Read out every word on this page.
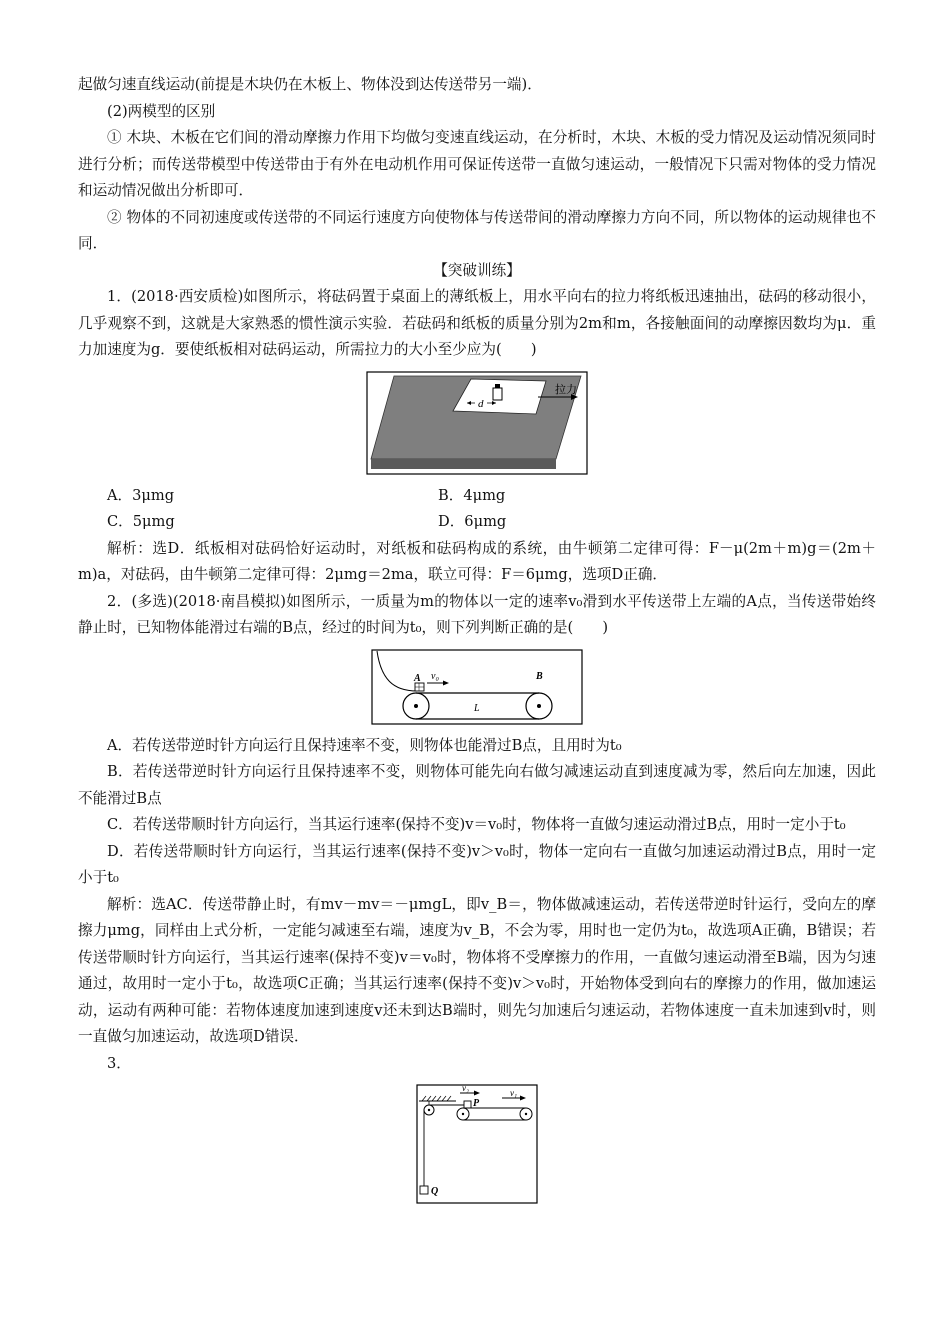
起做匀速直线运动(前提是木块仍在木板上、物体没到达传送带另一端)．

(2)两模型的区别

① 木块、木板在它们间的滑动摩擦力作用下均做匀变速直线运动，在分析时，木块、木板的受力情况及运动情况须同时进行分析；而传送带模型中传送带由于有外在电动机作用可保证传送带一直做匀速运动，一般情况下只需对物体的受力情况和运动情况做出分析即可．

② 物体的不同初速度或传送带的不同运行速度方向使物体与传送带间的滑动摩擦力方向不同，所以物体的运动规律也不同．

【突破训练】

1．(2018·西安质检)如图所示，将砝码置于桌面上的薄纸板上，用水平向右的拉力将纸板迅速抽出，砝码的移动很小，几乎观察不到，这就是大家熟悉的惯性演示实验．若砝码和纸板的质量分别为2m和m，各接触面间的动摩擦因数均为μ．重力加速度为g．要使纸板相对砝码运动，所需拉力的大小至少应为(　　)

d
拉力
A．3μmg	B．4μmg
C．5μmg	D．6μmg

解析：选D．纸板相对砝码恰好运动时，对纸板和砝码构成的系统，由牛顿第二定律可得：F－μ(2m＋m)g＝(2m＋m)a，对砝码，由牛顿第二定律可得：2μmg＝2ma，联立可得：F＝6μmg，选项D正确．

2．(多选)(2018·南昌模拟)如图所示，一质量为m的物体以一定的速率v₀滑到水平传送带上左端的A点，当传送带始终静止时，已知物体能滑过右端的B点，经过的时间为t₀，则下列判断正确的是(　　)

A v₀	B
L

A．若传送带逆时针方向运行且保持速率不变，则物体也能滑过B点，且用时为t₀

B．若传送带逆时针方向运行且保持速率不变，则物体可能先向右做匀减速运动直到速度减为零，然后向左加速，因此不能滑过B点

C．若传送带顺时针方向运行，当其运行速率(保持不变)v＝v₀时，物体将一直做匀速运动滑过B点，用时一定小于t₀

D．若传送带顺时针方向运行，当其运行速率(保持不变)v＞v₀时，物体一定向右一直做匀加速运动滑过B点，用时一定小于t₀

解析：选AC．传送带静止时，有mv－mv＝－μmgL，即v_B＝，物体做减速运动，若传送带逆时针运行，受向左的摩擦力μmg，同样由上式分析，一定能匀减速至右端，速度为v_B，不会为零，用时也一定仍为t₀，故选项A正确，B错误；若传送带顺时针方向运行，当其运行速率(保持不变)v＝v₀时，物体将不受摩擦力的作用，一直做匀速运动滑至B端，因为匀速通过，故用时一定小于t₀，故选项C正确；当其运行速率(保持不变)v＞v₀时，开始物体受到向右的摩擦力的作用，做加速运动，运动有两种可能：若物体速度加速到速度v还未到达B端时，则先匀加速后匀速运动，若物体速度一直未加速到v时，则一直做匀加速运动，故选项D错误．

3．

Q
P
v₂	v₁
